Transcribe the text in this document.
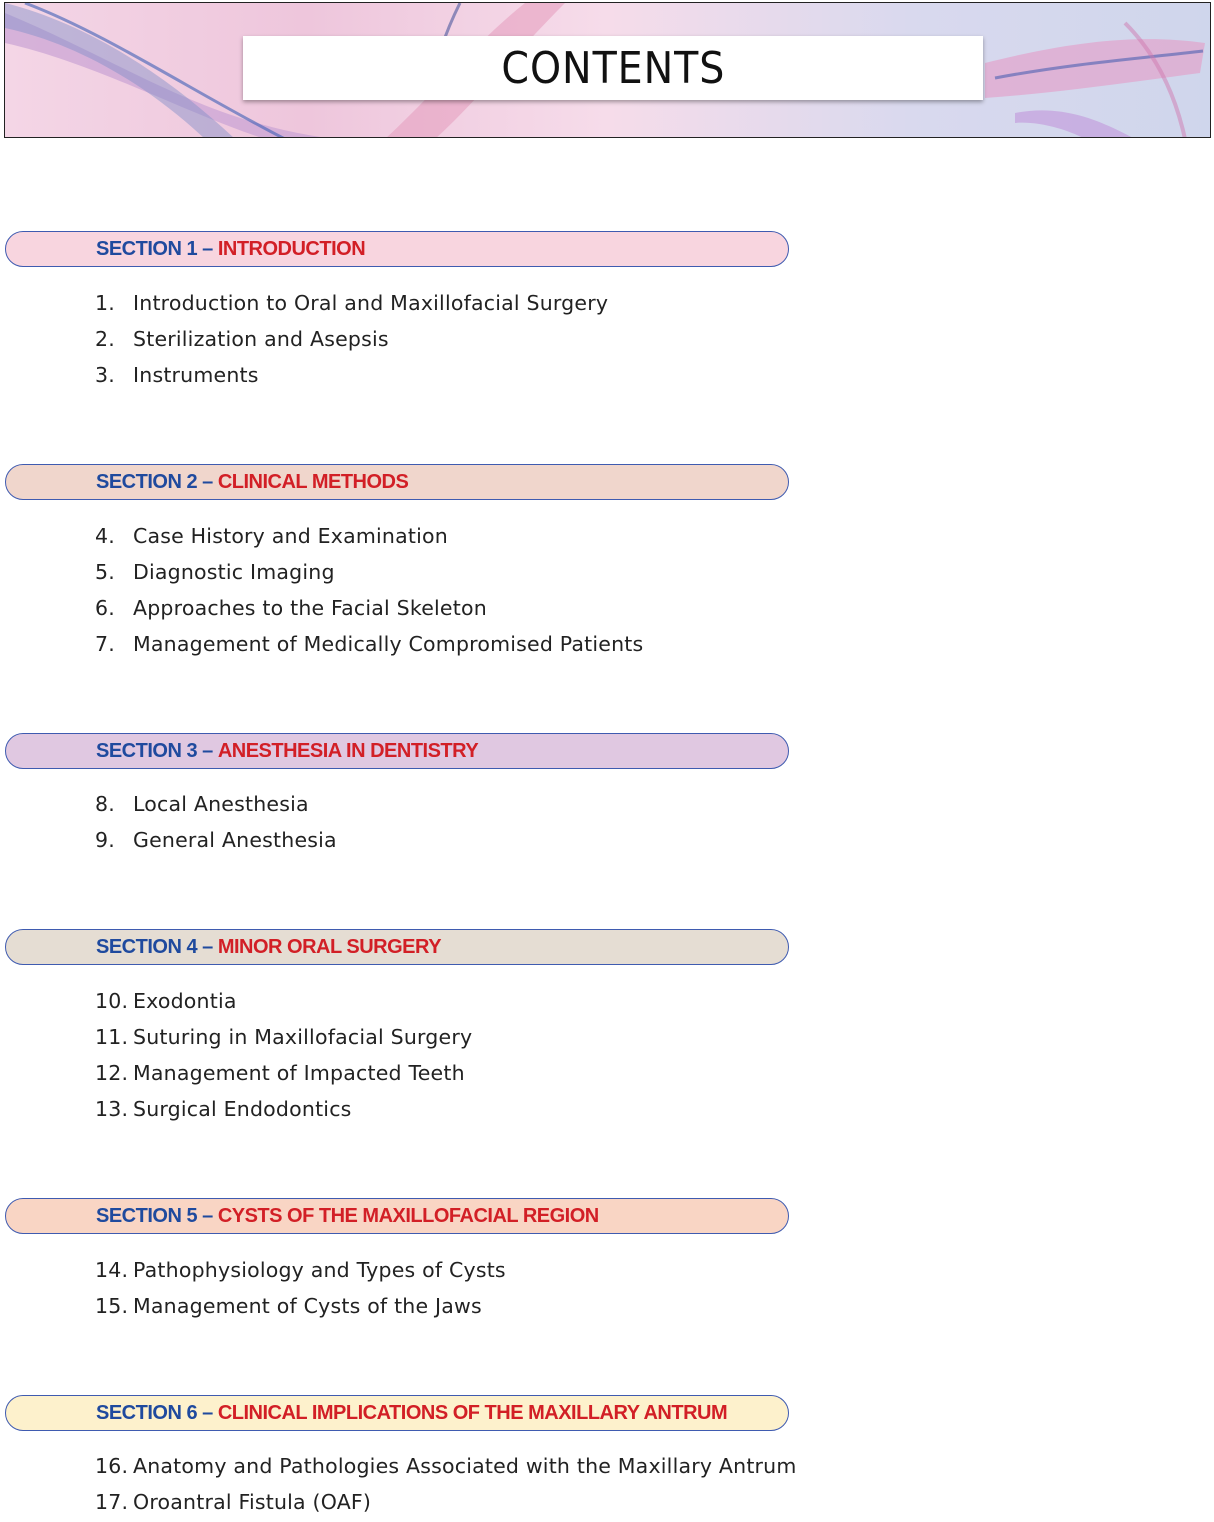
CONTENTS
SECTION 1 – INTRODUCTION
1. Introduction to Oral and Maxillofacial Surgery
2. Sterilization and Asepsis
3. Instruments
SECTION 2 – CLINICAL METHODS
4. Case History and Examination
5. Diagnostic Imaging
6. Approaches to the Facial Skeleton
7. Management of Medically Compromised Patients
SECTION 3 – ANESTHESIA IN DENTISTRY
8. Local Anesthesia
9. General Anesthesia
SECTION 4 – MINOR ORAL SURGERY
10. Exodontia
11. Suturing in Maxillofacial Surgery
12. Management of Impacted Teeth
13. Surgical Endodontics
SECTION 5 – CYSTS OF THE MAXILLOFACIAL REGION
14. Pathophysiology and Types of Cysts
15. Management of Cysts of the Jaws
SECTION 6 – CLINICAL IMPLICATIONS OF THE MAXILLARY ANTRUM
16. Anatomy and Pathologies Associated with the Maxillary Antrum
17. Oroantral Fistula (OAF)
